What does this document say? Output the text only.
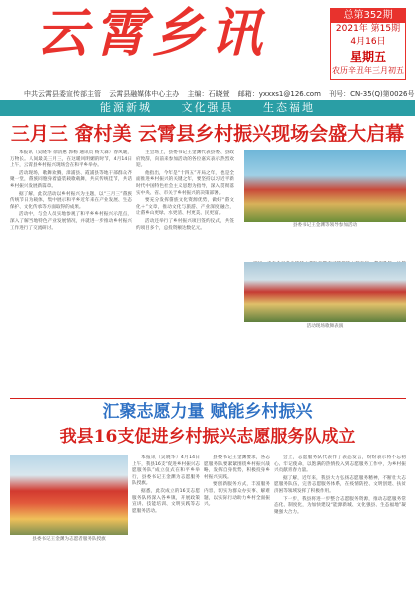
云霄乡讯	总第352期
2021年 第15期
4月16日
星期五
农历辛丑年三月初五
中共云霄县委宣传部主管 云霄县融媒体中心主办 主编：石晓萱 邮箱：yxxxs1@126.com 刊号：CN-35(Q)第0026号
能源新城	文化强县	生态福地
三月三 畲村美 云霄县乡村振兴现场会盛大启幕

本报讯（吴晓华 徐清惠 郭杨 通讯员 杨天森）春风暖，万物长。人间最美三月三，在这暖风明媚的时节，4月14日上午，云霄县乡村振兴现场会在和平乡举办。

活动现场，歌舞欢腾，漳浦县、霞浦县等地干部群众齐聚一堂，畲族同胞身着盛装载歌载舞，共庆传统佳节，共话乡村振兴发展新篇章。

据了解，此次活动以乡村振兴为主题，以“三月三”畲族传统节日为载体，集中展示和平乡近年来在产业发展、生态保护、文化传承等方面取得的成果。

活动中，与会人员实地参观了和平乡乡村振兴示范点，深入了解当地特色产业发展情况，并就进一步推动乡村振兴工作进行了交流研讨。

主会场上，县委书记王金渊代表县委、县政府致辞，向前来参加活动的各位嘉宾表示热烈欢迎。

他指出，今年是“十四五”开局之年，也是全面推进乡村振兴的关键之年，要坚持以习近平新时代中国特色社会主义思想为指导，深入贯彻落实中央、省、市关于乡村振兴的决策部署。

要充分发挥畲族文化资源优势，做好“畲文化＋”文章，推动文化与旅游、产业深度融合，让畲乡山更绿、水更清、村更美、民更富。

活动还举行了乡村振兴项目签约仪式，共签约项目多个，总投资额达数亿元。

县委书记王金渊等领导参加活动

活动现场歌舞表演
汇聚志愿力量 赋能乡村振兴
我县16支促进乡村振兴志愿服务队成立
县委书记王金渊为志愿者服务队授旗

本报讯（吴晓华）4月14日上午，我县16支“促进乡村振兴志愿服务队”成立仪式在和平乡举行，县委书记王金渊为志愿服务队授旗。

据悉，此次成立的16支志愿服务队将深入各乡镇，开展政策宣讲、技能培训、文明实践等志愿服务活动。

县委书记王金渊要求，各志愿服务队要紧紧围绕乡村振兴战略，发挥自身优势，积极投身乡村振兴实践。

要创新服务方式，丰富服务内容，切实为群众办实事、解难题，以实际行动助力乡村全面振兴。

会上，志愿服务队代表作了表态发言，纷纷表示将不忘初心、牢记使命，以饱满的热情投入到志愿服务工作中，为乡村振兴贡献青春力量。

据了解，近年来，我县大力弘扬志愿服务精神，不断壮大志愿服务队伍，完善志愿服务体系，在疫情防控、文明创建、扶贫济困等领域发挥了积极作用。

下一步，我县将进一步整合志愿服务资源，推动志愿服务常态化、制度化，为加快建设“能源新城、文化强县、生态福地”凝聚强大合力。
